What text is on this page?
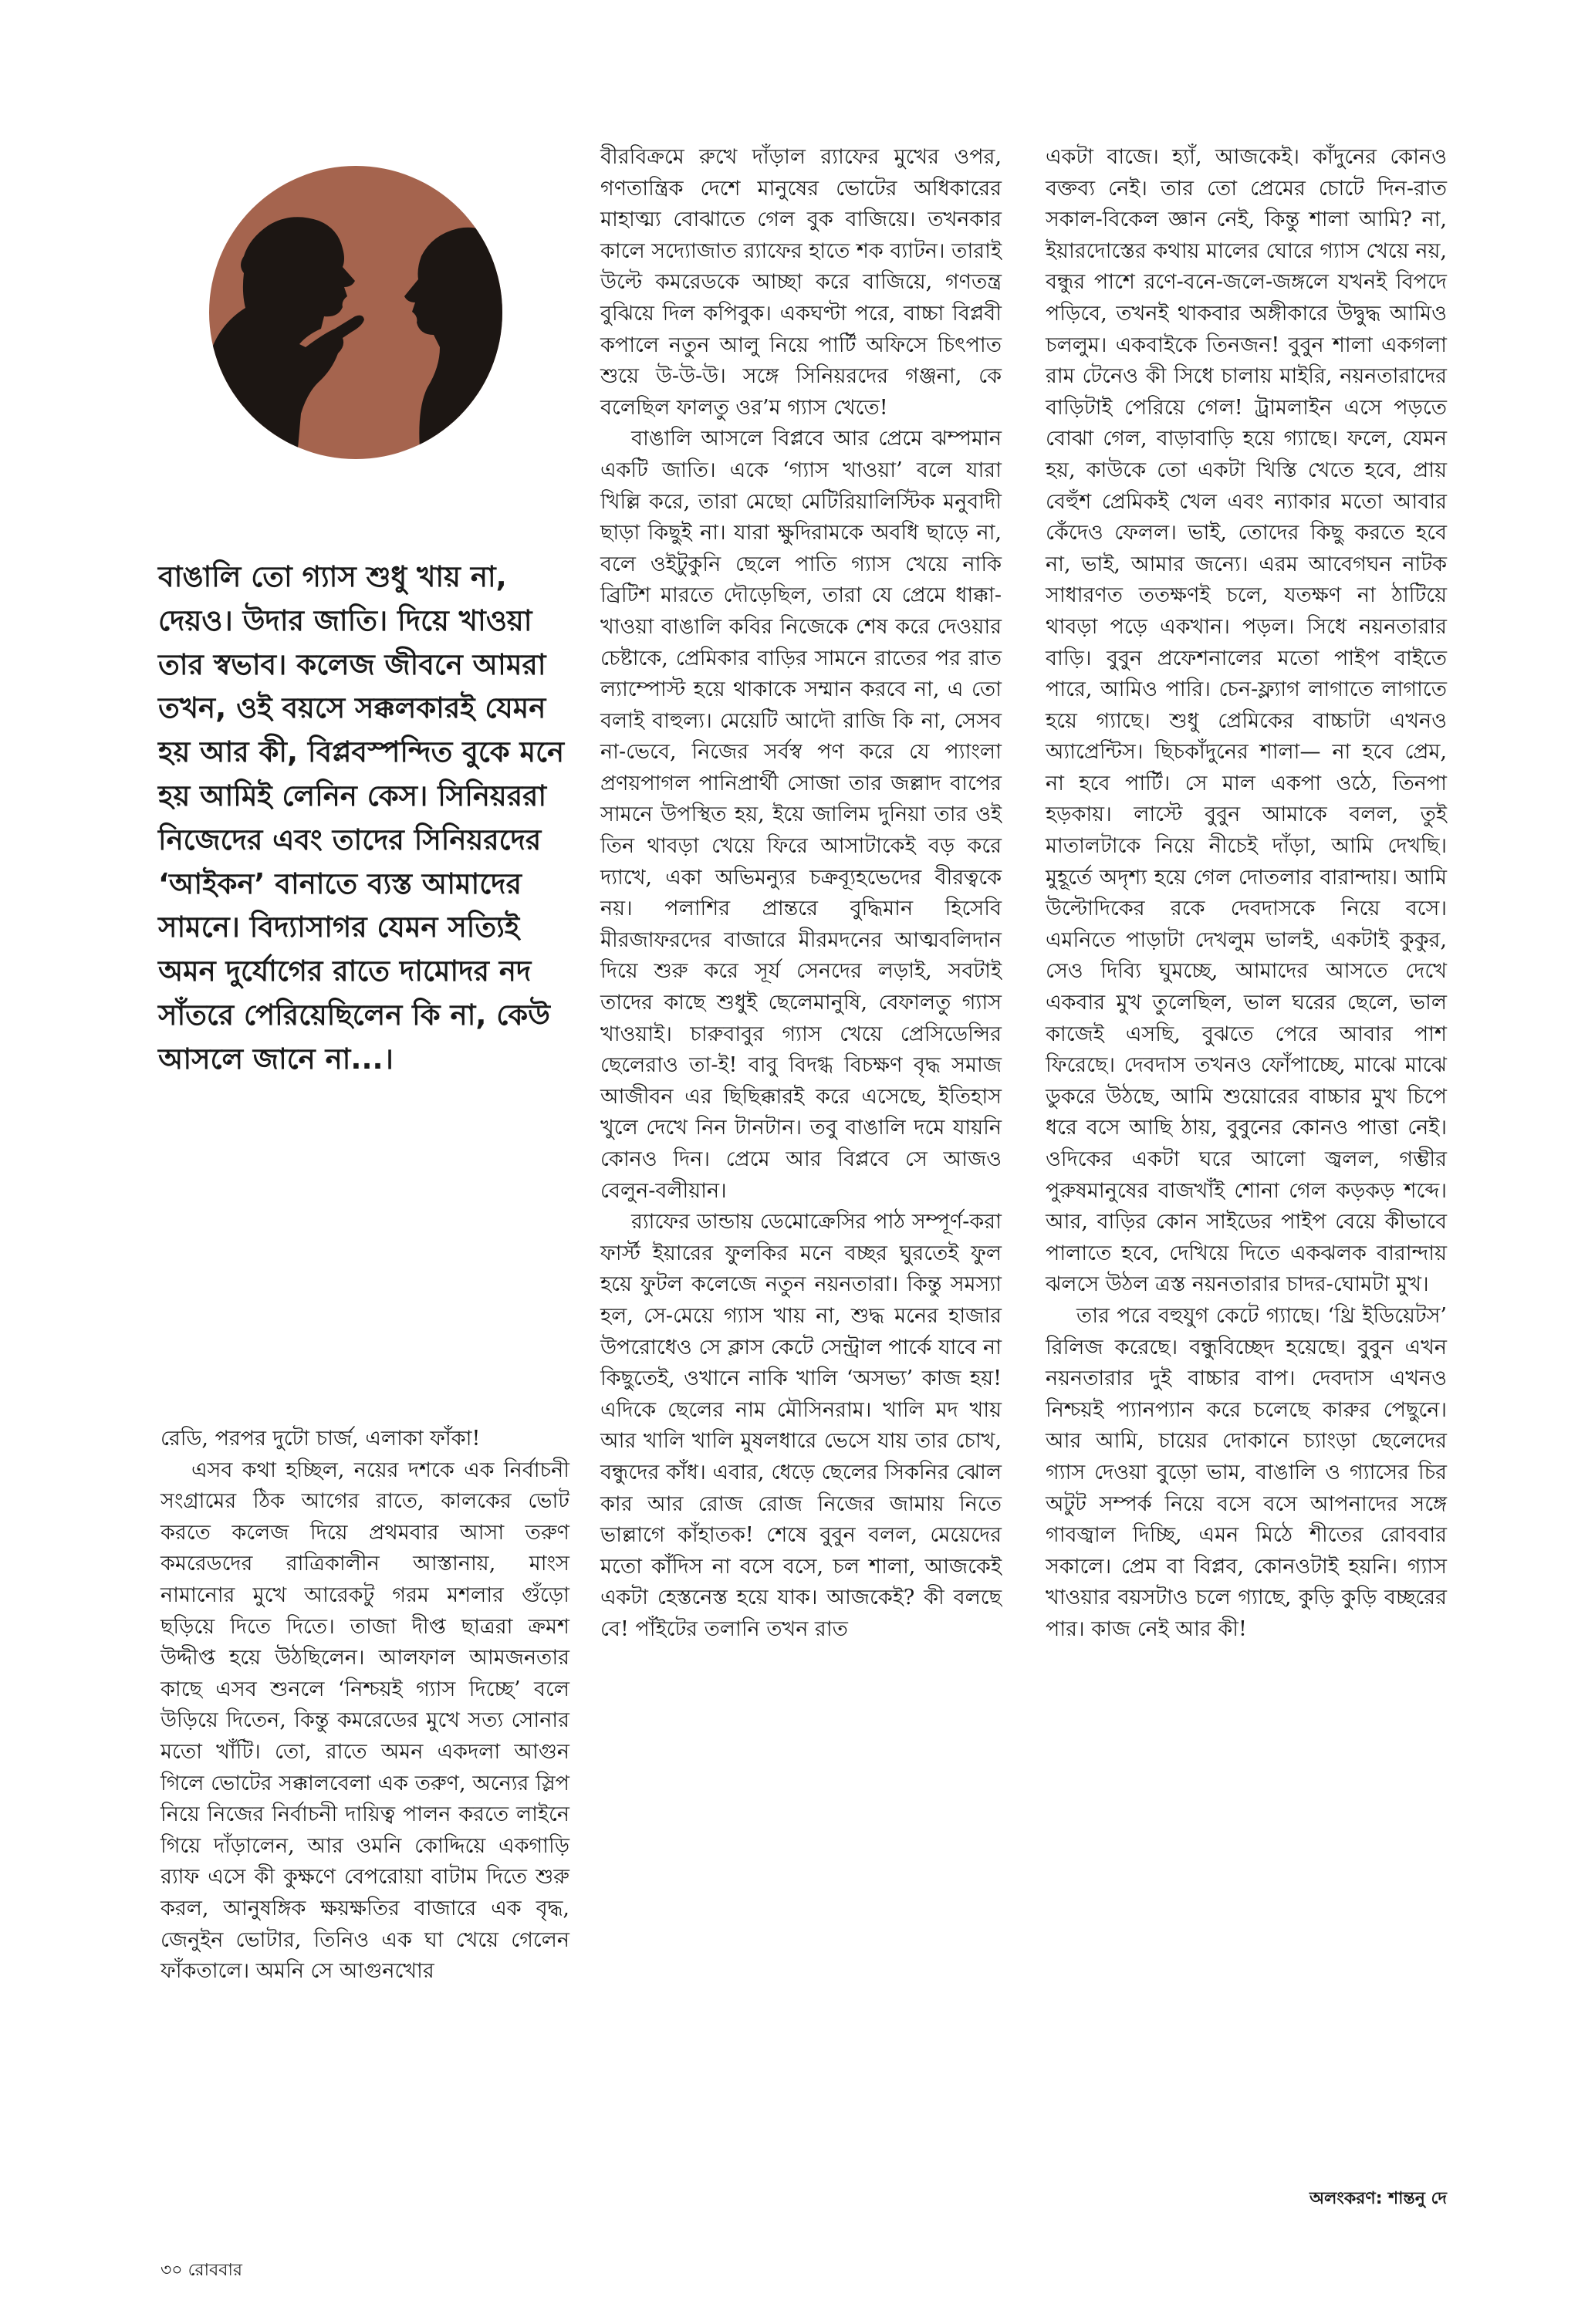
বাঙালি তো গ্যাস শুধু খায় না, দেয়ও। উদার জাতি। দিয়ে খাওয়া তার স্বভাব। কলেজ জীবনে আমরা তখন, ওই বয়সে সক্কলকারই যেমন হয় আর কী, বিপ্লবস্পন্দিত বুকে মনে হয় আমিই লেনিন কেস। সিনিয়ররা নিজেদের এবং তাদের সিনিয়রদের ‘আইকন’ বানাতে ব্যস্ত আমাদের সামনে। বিদ্যাসাগর যেমন সত্যিই অমন দুর্যোগের রাতে দামোদর নদ সাঁতরে পেরিয়েছিলেন কি না, কেউ আসলে জানে না...।

রেডি, পরপর দুটো চার্জ, এলাকা ফাঁকা!

এসব কথা হচ্ছিল, নয়ের দশকে এক নির্বাচনী সংগ্রামের ঠিক আগের রাতে, কালকের ভোট করতে কলেজ দিয়ে প্রথমবার আসা তরুণ কমরেডদের রাত্রিকালীন আস্তানায়, মাংস নামানোর মুখে আরেকটু গরম মশলার গুঁড়ো ছড়িয়ে দিতে দিতে। তাজা দীপ্ত ছাত্ররা ক্রমশ উদ্দীপ্ত হয়ে উঠছিলেন। আলফাল আমজনতার কাছে এসব শুনলে ‘নিশ্চয়ই গ্যাস দিচ্ছে’ বলে উড়িয়ে দিতেন, কিন্তু কমরেডের মুখে সত্য সোনার মতো খাঁটি। তো, রাতে অমন একদলা আগুন গিলে ভোটের সক্কালবেলা এক তরুণ, অন্যের স্লিপ নিয়ে নিজের নির্বাচনী দায়িত্ব পালন করতে লাইনে গিয়ে দাঁড়ালেন, আর ওমনি কোদ্দিয়ে একগাড়ি র‍্যাফ এসে কী কুক্ষণে বেপরোয়া বাটাম দিতে শুরু করল, আনুষঙ্গিক ক্ষয়ক্ষতির বাজারে এক বৃদ্ধ, জেনুইন ভোটার, তিনিও এক ঘা খেয়ে গেলেন ফাঁকতালে। অমনি সে আগুনখোর

বীরবিক্রমে রুখে দাঁড়াল র‍্যাফের মুখের ওপর, গণতান্ত্রিক দেশে মানুষের ভোটের অধিকারের মাহাত্ম্য বোঝাতে গেল বুক বাজিয়ে। তখনকার কালে সদ্যোজাত র‍্যাফের হাতে শক ব্যাটন। তারাই উল্টে কমরেডকে আচ্ছা করে বাজিয়ে, গণতন্ত্র বুঝিয়ে দিল কপিবুক। একঘণ্টা পরে, বাচ্চা বিপ্লবী কপালে নতুন আলু নিয়ে পার্টি অফিসে চিৎপাত শুয়ে উ-উ-উ। সঙ্গে সিনিয়রদের গঞ্জনা, কে বলেছিল ফালতু ওর’ম গ্যাস খেতে!

বাঙালি আসলে বিপ্লবে আর প্রেমে ঝম্পমান একটি জাতি। একে ‘গ্যাস খাওয়া’ বলে যারা খিল্লি করে, তারা মেছো মেটিরিয়ালিস্টিক মনুবাদী ছাড়া কিছুই না। যারা ক্ষুদিরামকে অবধি ছাড়ে না, বলে ওইটুকুনি ছেলে পাতি গ্যাস খেয়ে নাকি ব্রিটিশ মারতে দৌড়েছিল, তারা যে প্রেমে ধাক্কা-খাওয়া বাঙালি কবির নিজেকে শেষ করে দেওয়ার চেষ্টাকে, প্রেমিকার বাড়ির সামনে রাতের পর রাত ল্যাম্পোস্ট হয়ে থাকাকে সম্মান করবে না, এ তো বলাই বাহুল্য। মেয়েটি আদৌ রাজি কি না, সেসব না-ভেবে, নিজের সর্বস্ব পণ করে যে প্যাংলা প্রণয়পাগল পানিপ্রার্থী সোজা তার জল্লাদ বাপের সামনে উপস্থিত হয়, ইয়ে জালিম দুনিয়া তার ওই তিন থাবড়া খেয়ে ফিরে আসাটাকেই বড় করে দ্যাখে, একা অভিমন্যুর চক্রব্যূহভেদের বীরত্বকে নয়। পলাশির প্রান্তরে বুদ্ধিমান হিসেবি মীরজাফরদের বাজারে মীরমদনের আত্মবলিদান দিয়ে শুরু করে সূর্য সেনদের লড়াই, সবটাই তাদের কাছে শুধুই ছেলেমানুষি, বেফালতু গ্যাস খাওয়াই। চারুবাবুর গ্যাস খেয়ে প্রেসিডেন্সির ছেলেরাও তা-ই! বাবু বিদগ্ধ বিচক্ষণ বৃদ্ধ সমাজ আজীবন এর ছিছিক্কারই করে এসেছে, ইতিহাস খুলে দেখে নিন টানটান। তবু বাঙালি দমে যায়নি কোনও দিন। প্রেমে আর বিপ্লবে সে আজও বেলুন-বলীয়ান।

র‍্যাফের ডান্ডায় ডেমোক্রেসির পাঠ সম্পূর্ণ-করা ফার্স্ট ইয়ারের ফুলকির মনে বচ্ছর ঘুরতেই ফুল হয়ে ফুটল কলেজে নতুন নয়নতারা। কিন্তু সমস্যা হল, সে-মেয়ে গ্যাস খায় না, শুদ্ধ মনের হাজার উপরোধেও সে ক্লাস কেটে সেন্ট্রাল পার্কে যাবে না কিছুতেই, ওখানে নাকি খালি ‘অসভ্য’ কাজ হয়! এদিকে ছেলের নাম মৌসিনরাম। খালি মদ খায় আর খালি খালি মুষলধারে ভেসে যায় তার চোখ, বন্ধুদের কাঁধ। এবার, ধেড়ে ছেলের সিকনির ঝোল কার আর রোজ রোজ নিজের জামায় নিতে ভাল্লাগে কাঁহাতক! শেষে বুবুন বলল, মেয়েদের মতো কাঁদিস না বসে বসে, চল শালা, আজকেই একটা হেস্তনেস্ত হয়ে যাক। আজকেই? কী বলছে বে! পাঁইটের তলানি তখন রাত

একটা বাজে। হ্যাঁ, আজকেই। কাঁদুনের কোনও বক্তব্য নেই। তার তো প্রেমের চোটে দিন-রাত সকাল-বিকেল জ্ঞান নেই, কিন্তু শালা আমি? না, ইয়ারদোস্তের কথায় মালের ঘোরে গ্যাস খেয়ে নয়, বন্ধুর পাশে রণে-বনে-জলে-জঙ্গলে যখনই বিপদে পড়িবে, তখনই থাকবার অঙ্গীকারে উদ্বুদ্ধ আমিও চললুম। একবাইকে তিনজন! বুবুন শালা একগলা রাম টেনেও কী সিধে চালায় মাইরি, নয়নতারাদের বাড়িটাই পেরিয়ে গেল! ট্রামলাইন এসে পড়তে বোঝা গেল, বাড়াবাড়ি হয়ে গ্যাছে। ফলে, যেমন হয়, কাউকে তো একটা খিস্তি খেতে হবে, প্রায় বেহুঁশ প্রেমিকই খেল এবং ন্যাকার মতো আবার কেঁদেও ফেলল। ভাই, তোদের কিছু করতে হবে না, ভাই, আমার জন্যে। এরম আবেগঘন নাটক সাধারণত ততক্ষণই চলে, যতক্ষণ না ঠাটিয়ে থাবড়া পড়ে একখান। পড়ল। সিধে নয়নতারার বাড়ি। বুবুন প্রফেশনালের মতো পাইপ বাইতে পারে, আমিও পারি। চেন-ফ্ল্যাগ লাগাতে লাগাতে হয়ে গ্যাছে। শুধু প্রেমিকের বাচ্চাটা এখনও অ্যাপ্রেন্টিস। ছিচকাঁদুনের শালা— না হবে প্রেম, না হবে পার্টি। সে মাল একপা ওঠে, তিনপা হড়কায়। লাস্টে বুবুন আমাকে বলল, তুই মাতালটাকে নিয়ে নীচেই দাঁড়া, আমি দেখছি। মুহূর্তে অদৃশ্য হয়ে গেল দোতলার বারান্দায়। আমি উল্টোদিকের রকে দেবদাসকে নিয়ে বসে। এমনিতে পাড়াটা দেখলুম ভালই, একটাই কুকুর, সেও দিব্যি ঘুমচ্ছে, আমাদের আসতে দেখে একবার মুখ তুলেছিল, ভাল ঘরের ছেলে, ভাল কাজেই এসছি, বুঝতে পেরে আবার পাশ ফিরেছে। দেবদাস তখনও ফোঁপাচ্ছে, মাঝে মাঝে ডুকরে উঠছে, আমি শুয়োরের বাচ্চার মুখ চিপে ধরে বসে আছি ঠায়, বুবুনের কোনও পাত্তা নেই। ওদিকের একটা ঘরে আলো জ্বলল, গম্ভীর পুরুষমানুষের বাজখাঁই শোনা গেল কড়কড় শব্দে। আর, বাড়ির কোন সাইডের পাইপ বেয়ে কীভাবে পালাতে হবে, দেখিয়ে দিতে একঝলক বারান্দায় ঝলসে উঠল ত্রস্ত নয়নতারার চাদর-ঘোমটা মুখ।

তার পরে বহুযুগ কেটে গ্যাছে। ‘থ্রি ইডিয়েটস’ রিলিজ করেছে। বন্ধুবিচ্ছেদ হয়েছে। বুবুন এখন নয়নতারার দুই বাচ্চার বাপ। দেবদাস এখনও নিশ্চয়ই প্যানপ্যান করে চলেছে কারুর পেছুনে। আর আমি, চায়ের দোকানে চ্যাংড়া ছেলেদের গ্যাস দেওয়া বুড়ো ভাম, বাঙালি ও গ্যাসের চির অটুট সম্পর্ক নিয়ে বসে বসে আপনাদের সঙ্গে গাবজ্বাল দিচ্ছি, এমন মিঠে শীতের রোববার সকালে। প্রেম বা বিপ্লব, কোনওটাই হয়নি। গ্যাস খাওয়ার বয়সটাও চলে গ্যাছে, কুড়ি কুড়ি বচ্ছরের পার। কাজ নেই আর কী!

অলংকরণ: শান্তনু দে
৩০ রোববার
